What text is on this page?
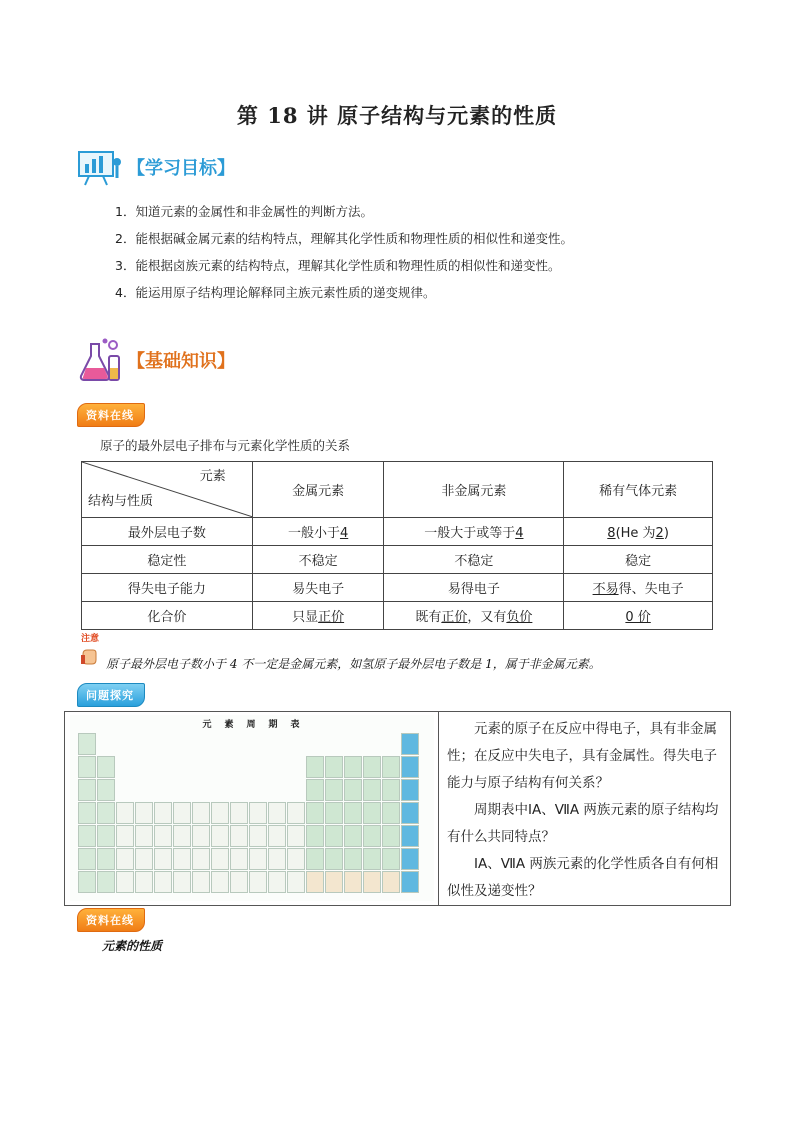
第 18 讲 原子结构与元素的性质
【学习目标】
1．知道元素的金属性和非金属性的判断方法。
2．能根据碱金属元素的结构特点，理解其化学性质和物理性质的相似性和递变性。
3．能根据卤族元素的结构特点，理解其化学性质和物理性质的相似性和递变性。
4．能运用原子结构理论解释同主族元素性质的递变规律。
【基础知识】
资料在线
原子的最外层电子排布与元素化学性质的关系
元素
结构与性质	金属元素	非金属元素	稀有气体元素
最外层电子数	一般小于4	一般大于或等于4	8(He 为2)
稳定性	不稳定	不稳定	稳定
得失电子能力	易失电子	易得电子	不易得、失电子
化合价	只显正价	既有正价，又有负价	0 价
注意
原子最外层电子数小于 4 不一定是金属元素，如氢原子最外层电子数是 1，属于非金属元素。
问题探究
元　素　周　期　表	元素的原子在反应中得电子，具有非金属性；在反应中失电子，具有金属性。得失电子能力与原子结构有何关系？

周期表中ⅠA、ⅦA 两族元素的原子结构均有什么共同特点？

ⅠA、ⅦA 两族元素的化学性质各自有何相似性及递变性？

资料在线
元素的性质
